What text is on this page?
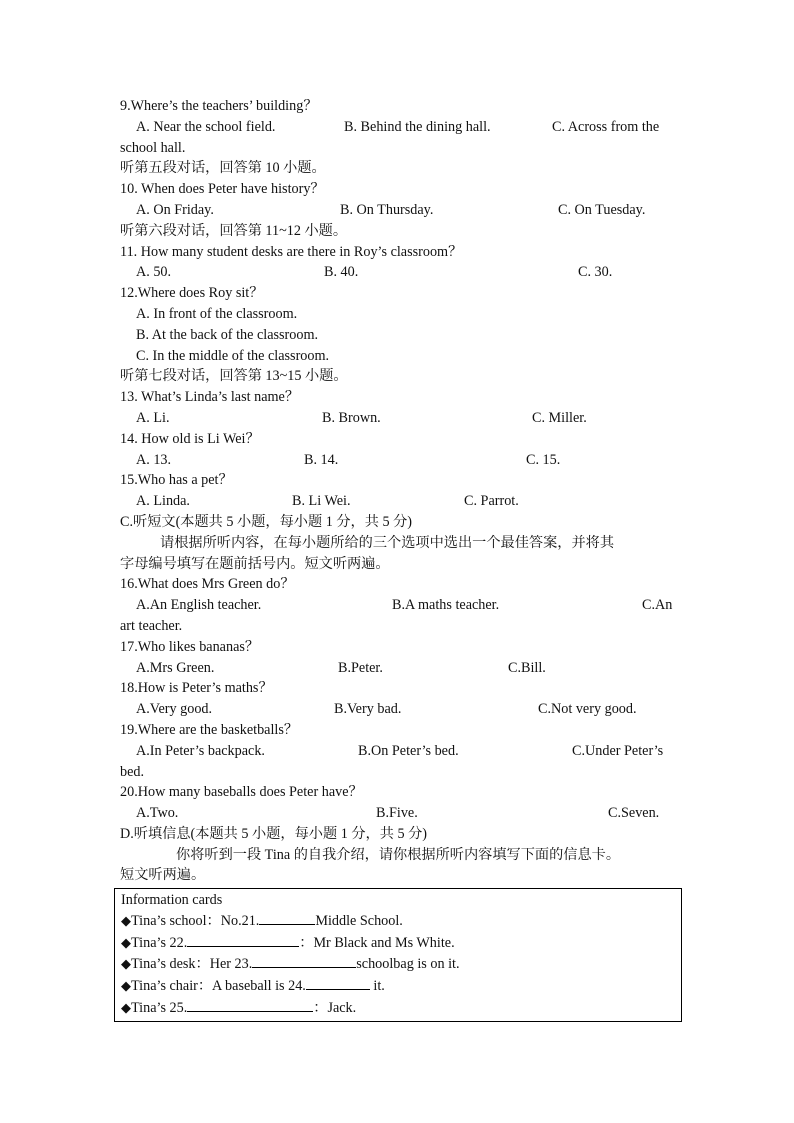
9.Where’s the teachers’ building？
A. Near the school field.	B. Behind the dining hall.	C. Across from the
school hall.
听第五段对话，回答第 10 小题。
10. When does Peter have history？
A. On Friday.	B. On Thursday.	C. On Tuesday.
听第六段对话，回答第 11~12 小题。
11. How many student desks are there in Roy’s classroom？
A. 50.	B. 40.	C. 30.
12.Where does Roy sit？
A. In front of the classroom.
B. At the back of the classroom.
C. In the middle of the classroom.
听第七段对话，回答第 13~15 小题。
13. What’s Linda’s last name？
A. Li.	B. Brown.	C. Miller.
14. How old is Li Wei？
A. 13.	B. 14.	C. 15.
15.Who has a pet？
A. Linda.	B. Li Wei.	C. Parrot.
C.听短文(本题共 5 小题，每小题 1 分，共 5 分)
请根据所听内容，在每小题所给的三个选项中选出一个最佳答案，并将其
字母编号填写在题前括号内。短文听两遍。
16.What does Mrs Green do？
A.An English teacher.	B.A maths teacher.	C.An
art teacher.
17.Who likes bananas？
A.Mrs Green.	B.Peter.	C.Bill.
18.How is Peter’s maths？
A.Very good.	B.Very bad.	C.Not very good.
19.Where are the basketballs？
A.In Peter’s backpack.	B.On Peter’s bed.	C.Under Peter’s
bed.
20.How many baseballs does Peter have？
A.Two.	B.Five.	C.Seven.
D.听填信息(本题共 5 小题，每小题 1 分，共 5 分)
你将听到一段 Tina 的自我介绍，请你根据所听内容填写下面的信息卡。
短文听两遍。
Information cards
◆Tina’s school：No.21.	Middle School.
◆Tina’s 22.	：Mr Black and Ms White.
◆Tina’s desk：Her 23.	schoolbag is on it.
◆Tina’s chair：A baseball is 24.	it.
◆Tina’s 25.	：Jack.
